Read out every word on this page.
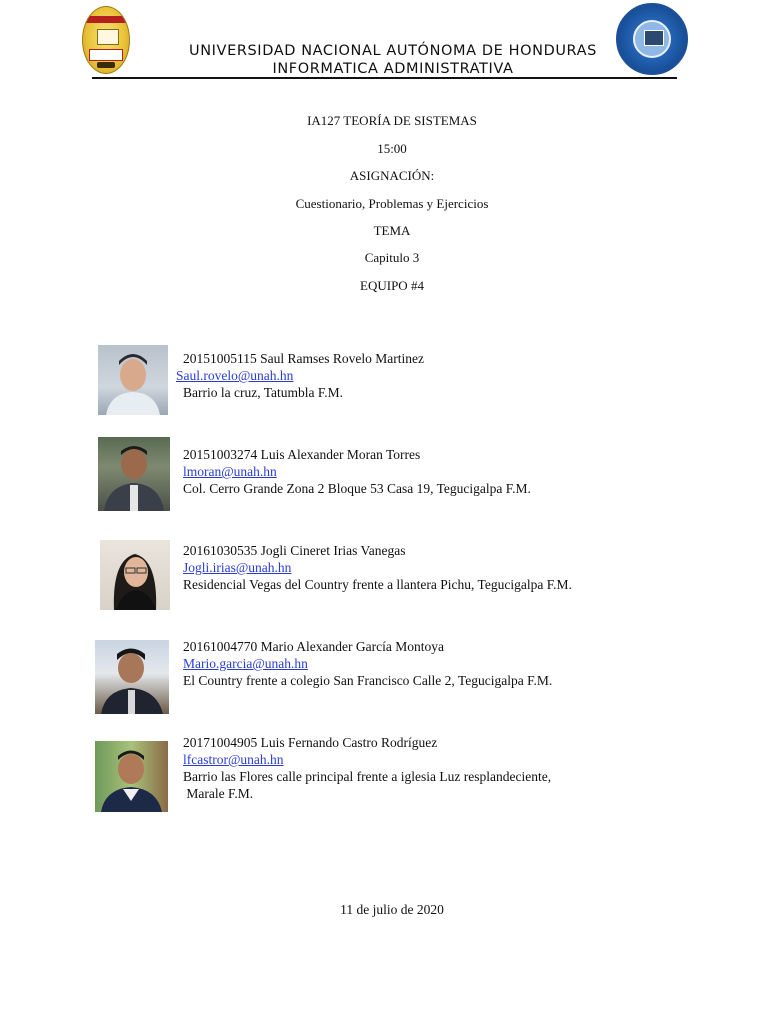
UNIVERSIDAD NACIONAL AUTÓNOMA DE HONDURAS
INFORMATICA ADMINISTRATIVA
IA127 TEORÍA DE SISTEMAS
15:00
ASIGNACIÓN:
Cuestionario, Problemas y Ejercicios
TEMA
Capitulo 3
EQUIPO #4
20151005115 Saul Ramses Rovelo Martinez
Saul.rovelo@unah.hn
Barrio la cruz, Tatumbla F.M.
20151003274 Luis Alexander Moran Torres
lmoran@unah.hn
Col. Cerro Grande Zona 2 Bloque 53 Casa 19, Tegucigalpa F.M.
20161030535 Jogli Cineret Irias Vanegas
Jogli.irias@unah.hn
Residencial Vegas del Country frente a llantera Pichu, Tegucigalpa F.M.
20161004770 Mario Alexander García Montoya
Mario.garcia@unah.hn
El Country frente a colegio San Francisco Calle 2, Tegucigalpa F.M.
20171004905 Luis Fernando Castro Rodríguez
lfcastror@unah.hn
Barrio las Flores calle principal frente a iglesia Luz resplandeciente,
Marale F.M.
11 de julio de 2020
